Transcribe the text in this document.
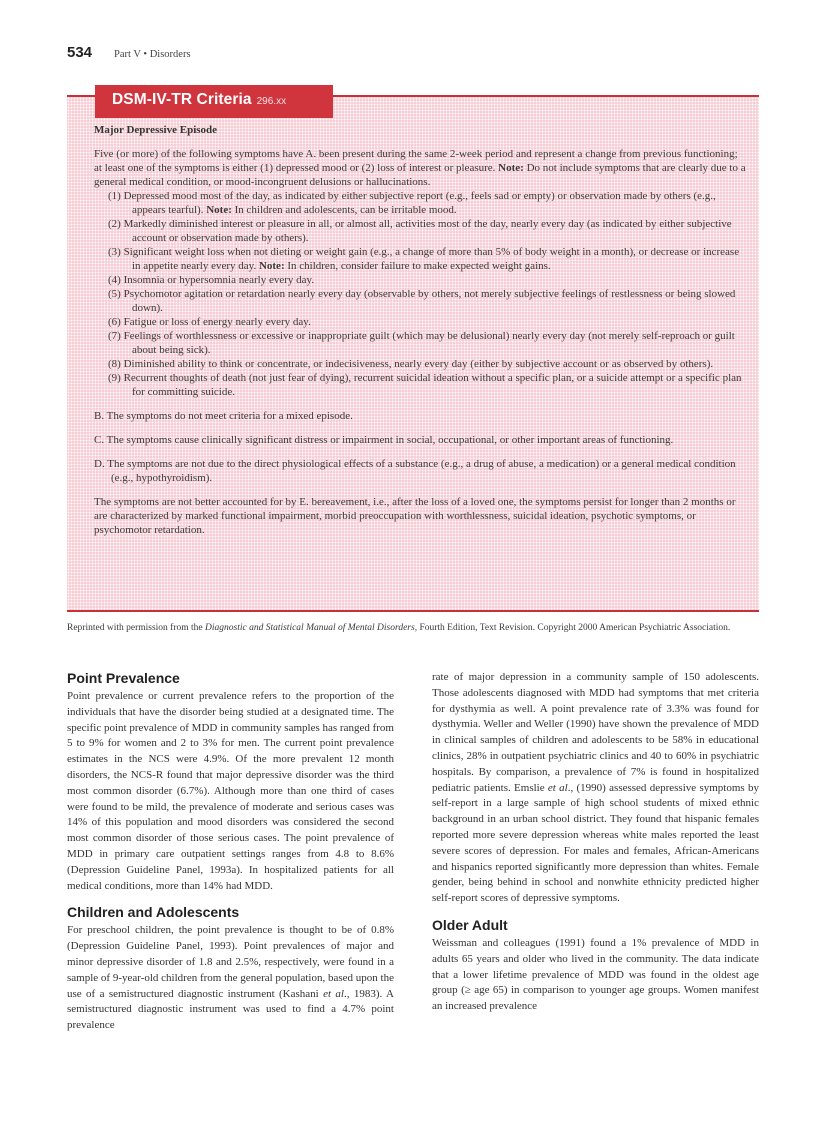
534 Part V • Disorders
DSM-IV-TR Criteria 296.xx

Major Depressive Episode

Five (or more) of the following symptoms have A. been present during the same 2-week period and represent a change from previous functioning; at least one of the symptoms is either (1) depressed mood or (2) loss of interest or pleasure. Note: Do not include symptoms that are clearly due to a general medical condition, or mood-incongruent delusions or hallucinations.

(1) Depressed mood most of the day, as indicated by either subjective report (e.g., feels sad or empty) or observation made by others (e.g., appears tearful). Note: In children and adolescents, can be irritable mood.

(2) Markedly diminished interest or pleasure in all, or almost all, activities most of the day, nearly every day (as indicated by either subjective account or observation made by others).

(3) Significant weight loss when not dieting or weight gain (e.g., a change of more than 5% of body weight in a month), or decrease or increase in appetite nearly every day. Note: In children, consider failure to make expected weight gains.

(4) Insomnia or hypersomnia nearly every day.

(5) Psychomotor agitation or retardation nearly every day (observable by others, not merely subjective feelings of restlessness or being slowed down).

(6) Fatigue or loss of energy nearly every day.

(7) Feelings of worthlessness or excessive or inappropriate guilt (which may be delusional) nearly every day (not merely self-reproach or guilt about being sick).

(8) Diminished ability to think or concentrate, or indecisiveness, nearly every day (either by subjective account or as observed by others).

(9) Recurrent thoughts of death (not just fear of dying), recurrent suicidal ideation without a specific plan, or a suicide attempt or a specific plan for committing suicide.

B. The symptoms do not meet criteria for a mixed episode.

C. The symptoms cause clinically significant distress or impairment in social, occupational, or other important areas of functioning.

D. The symptoms are not due to the direct physiological effects of a substance (e.g., a drug of abuse, a medication) or a general medical condition (e.g., hypothyroidism).

The symptoms are not better accounted for by E. bereavement, i.e., after the loss of a loved one, the symptoms persist for longer than 2 months or are characterized by marked functional impairment, morbid preoccupation with worthlessness, suicidal ideation, psychotic symptoms, or psychomotor retardation.

Reprinted with permission from the Diagnostic and Statistical Manual of Mental Disorders, Fourth Edition, Text Revision. Copyright 2000 American Psychiatric Association.

Point Prevalence

Point prevalence or current prevalence refers to the proportion of the individuals that have the disorder being studied at a designated time. The specific point prevalence of MDD in community samples has ranged from 5 to 9% for women and 2 to 3% for men. The current point prevalence estimates in the NCS were 4.9%. Of the more prevalent 12 month disorders, the NCS-R found that major depressive disorder was the third most common disorder (6.7%). Although more than one third of cases were found to be mild, the prevalence of moderate and serious cases was 14% of this population and mood disorders was considered the second most common disorder of those serious cases. The point prevalence of MDD in primary care outpatient settings ranges from 4.8 to 8.6% (Depression Guideline Panel, 1993a). In hospitalized patients for all medical conditions, more than 14% had MDD.

Children and Adolescents

For preschool children, the point prevalence is thought to be of 0.8% (Depression Guideline Panel, 1993). Point prevalences of major and minor depressive disorder of 1.8 and 2.5%, respectively, were found in a sample of 9-year-old children from the general population, based upon the use of a semistructured diagnostic instrument (Kashani et al., 1983). A semistructured diagnostic instrument was used to find a 4.7% point prevalence

rate of major depression in a community sample of 150 adolescents. Those adolescents diagnosed with MDD had symptoms that met criteria for dysthymia as well. A point prevalence rate of 3.3% was found for dysthymia. Weller and Weller (1990) have shown the prevalence of MDD in clinical samples of children and adolescents to be 58% in educational clinics, 28% in outpatient psychiatric clinics and 40 to 60% in psychiatric hospitals. By comparison, a prevalence of 7% is found in hospitalized pediatric patients. Emslie et al., (1990) assessed depressive symptoms by self-report in a large sample of high school students of mixed ethnic background in an urban school district. They found that hispanic females reported more severe depression whereas white males reported the least severe scores of depression. For males and females, African-Americans and hispanics reported significantly more depression than whites. Female gender, being behind in school and nonwhite ethnicity predicted higher self-report scores of depressive symptoms.

Older Adult

Weissman and colleagues (1991) found a 1% prevalence of MDD in adults 65 years and older who lived in the community. The data indicate that a lower lifetime prevalence of MDD was found in the oldest age group (≥ age 65) in comparison to younger age groups. Women manifest an increased prevalence
